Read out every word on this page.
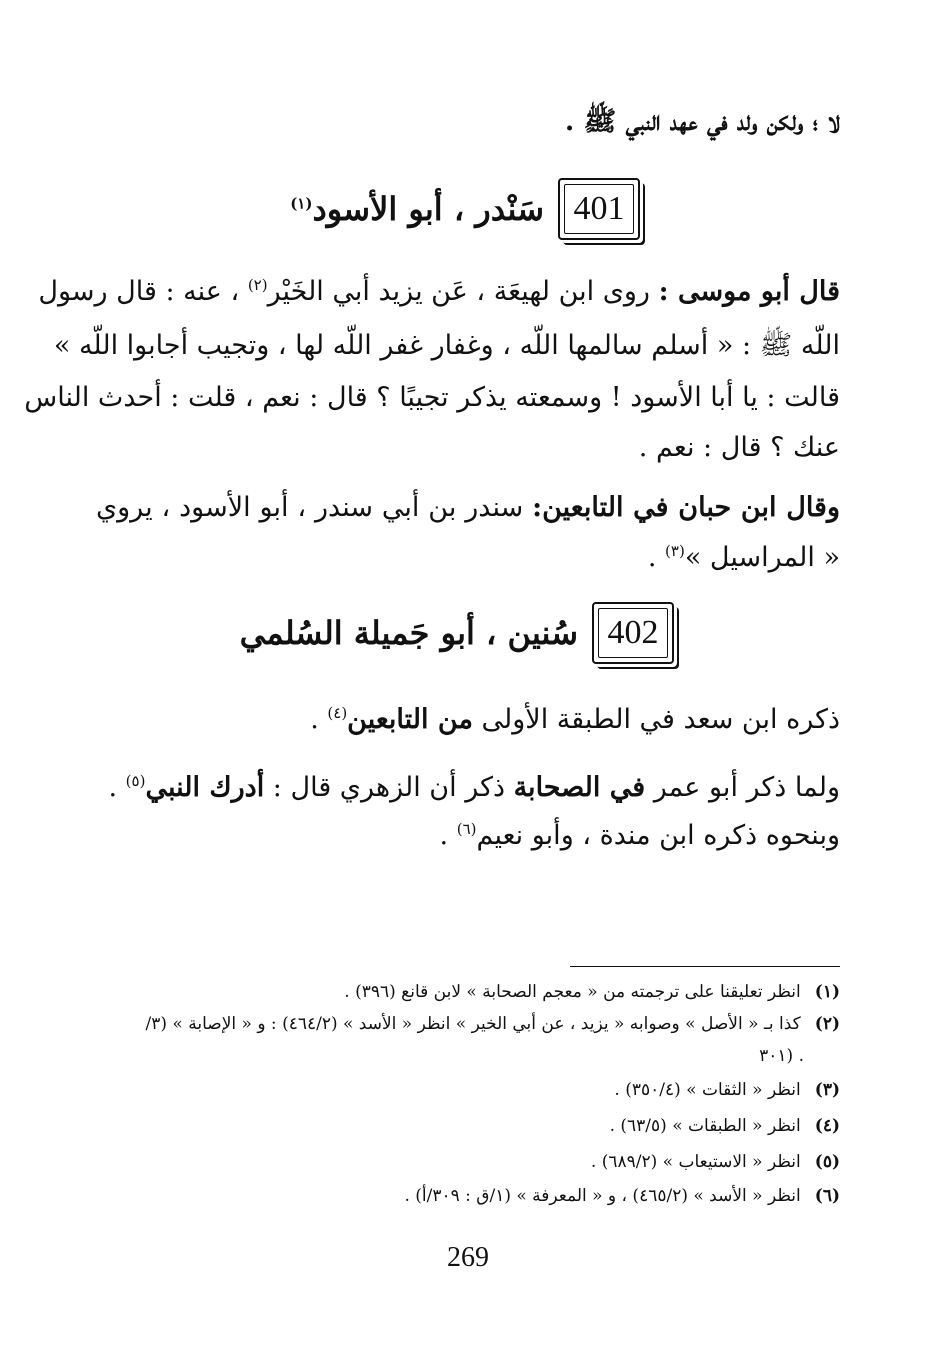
لا ؛ ولكن ولد في عهد النبي ﷺ .
401
سَنْدر ، أبو الأسود$^{(١)}$
قال أبو موسى : روى ابن لهيعَة ، عَن يزيد أبي الخَيْر$^{(٢)}$ ، عنه : قال رسول
اللّه ﷺ : « أسلم سالمها اللّه ، وغفار غفر اللّه لها ، وتجيب أجابوا اللّه »
قالت : يا أبا الأسود ! وسمعته يذكر تجيبًا ؟ قال : نعم ، قلت : أحدث الناس
عنك ؟ قال : نعم .
وقال ابن حبان في التابعين: سندر بن أبي سندر ، أبو الأسود ، يروي
« المراسيل »$^{(٣)}$ .
402
سُنين ، أبو جَميلة السُلمي
ذكره ابن سعد في الطبقة الأولى من التابعين$^{(٤)}$ .
ولما ذكر أبو عمر في الصحابة ذكر أن الزهري قال : أدرك النبي$^{(٥)}$ .
وبنحوه ذكره ابن مندة ، وأبو نعيم$^{(٦)}$ .
(١)انظر تعليقنا على ترجمته من « معجم الصحابة » لابن قانع (٣٩٦) .
(٢)كذا بـ « الأصل » وصوابه « يزيد ، عن أبي الخير » انظر « الأسد » (٤٦٤/٢) : و « الإصابة » (٣/
٣٠١) .
(٣)انظر « الثقات » (٣٥٠/٤) .
(٤)انظر « الطبقات » (٦٣/٥) .
(٥)انظر « الاستيعاب » (٦٨٩/٢) .
(٦)انظر « الأسد » (٤٦٥/٢) ، و « المعرفة » (١/ق : ٣٠٩/أ) .
269
